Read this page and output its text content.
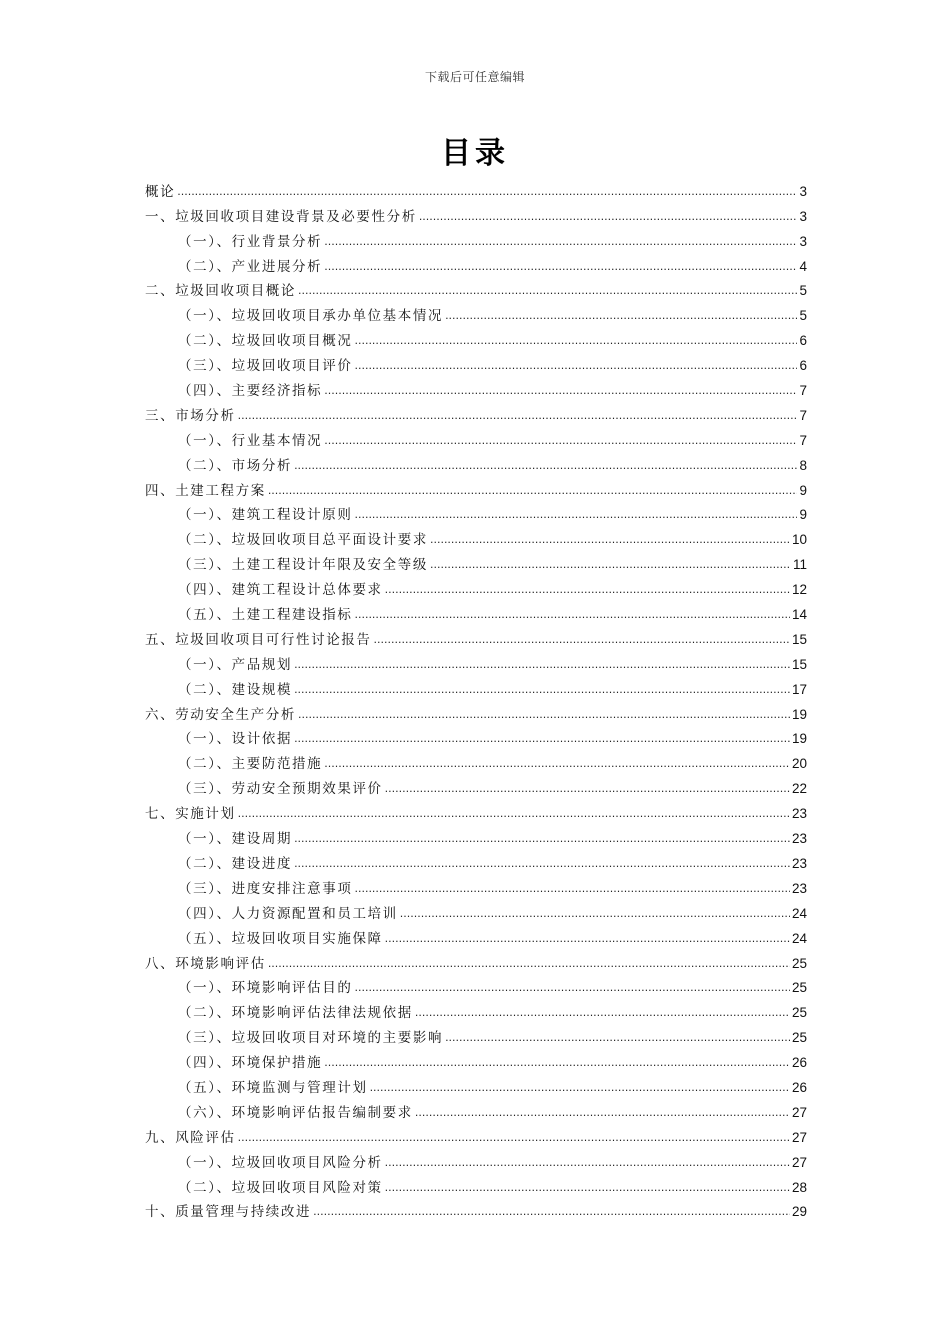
下载后可任意编辑
目录
概论 .....	3
一、垃圾回收项目建设背景及必要性分析 .....	3
（一）、行业背景分析 .....	3
（二）、产业进展分析 .....	4
二、垃圾回收项目概论 .....	5
（一）、垃圾回收项目承办单位基本情况 .....	5
（二）、垃圾回收项目概况 .....	6
（三）、垃圾回收项目评价 .....	6
（四）、主要经济指标 .....	7
三、市场分析 .....	7
（一）、行业基本情况 .....	7
（二）、市场分析 .....	8
四、土建工程方案 .....	9
（一）、建筑工程设计原则 .....	9
（二）、垃圾回收项目总平面设计要求 .....	10
（三）、土建工程设计年限及安全等级 .....	11
（四）、建筑工程设计总体要求 .....	12
（五）、土建工程建设指标 .....	14
五、垃圾回收项目可行性讨论报告 .....	15
（一）、产品规划 .....	15
（二）、建设规模 .....	17
六、劳动安全生产分析 .....	19
（一）、设计依据 .....	19
（二）、主要防范措施 .....	20
（三）、劳动安全预期效果评价 .....	22
七、实施计划 .....	23
（一）、建设周期 .....	23
（二）、建设进度 .....	23
（三）、进度安排注意事项 .....	23
（四）、人力资源配置和员工培训 .....	24
（五）、垃圾回收项目实施保障 .....	24
八、环境影响评估 .....	25
（一）、环境影响评估目的 .....	25
（二）、环境影响评估法律法规依据 .....	25
（三）、垃圾回收项目对环境的主要影响 .....	25
（四）、环境保护措施 .....	26
（五）、环境监测与管理计划 .....	26
（六）、环境影响评估报告编制要求 .....	27
九、风险评估 .....	27
（一）、垃圾回收项目风险分析 .....	27
（二）、垃圾回收项目风险对策 .....	28
十、质量管理与持续改进 .....	29
